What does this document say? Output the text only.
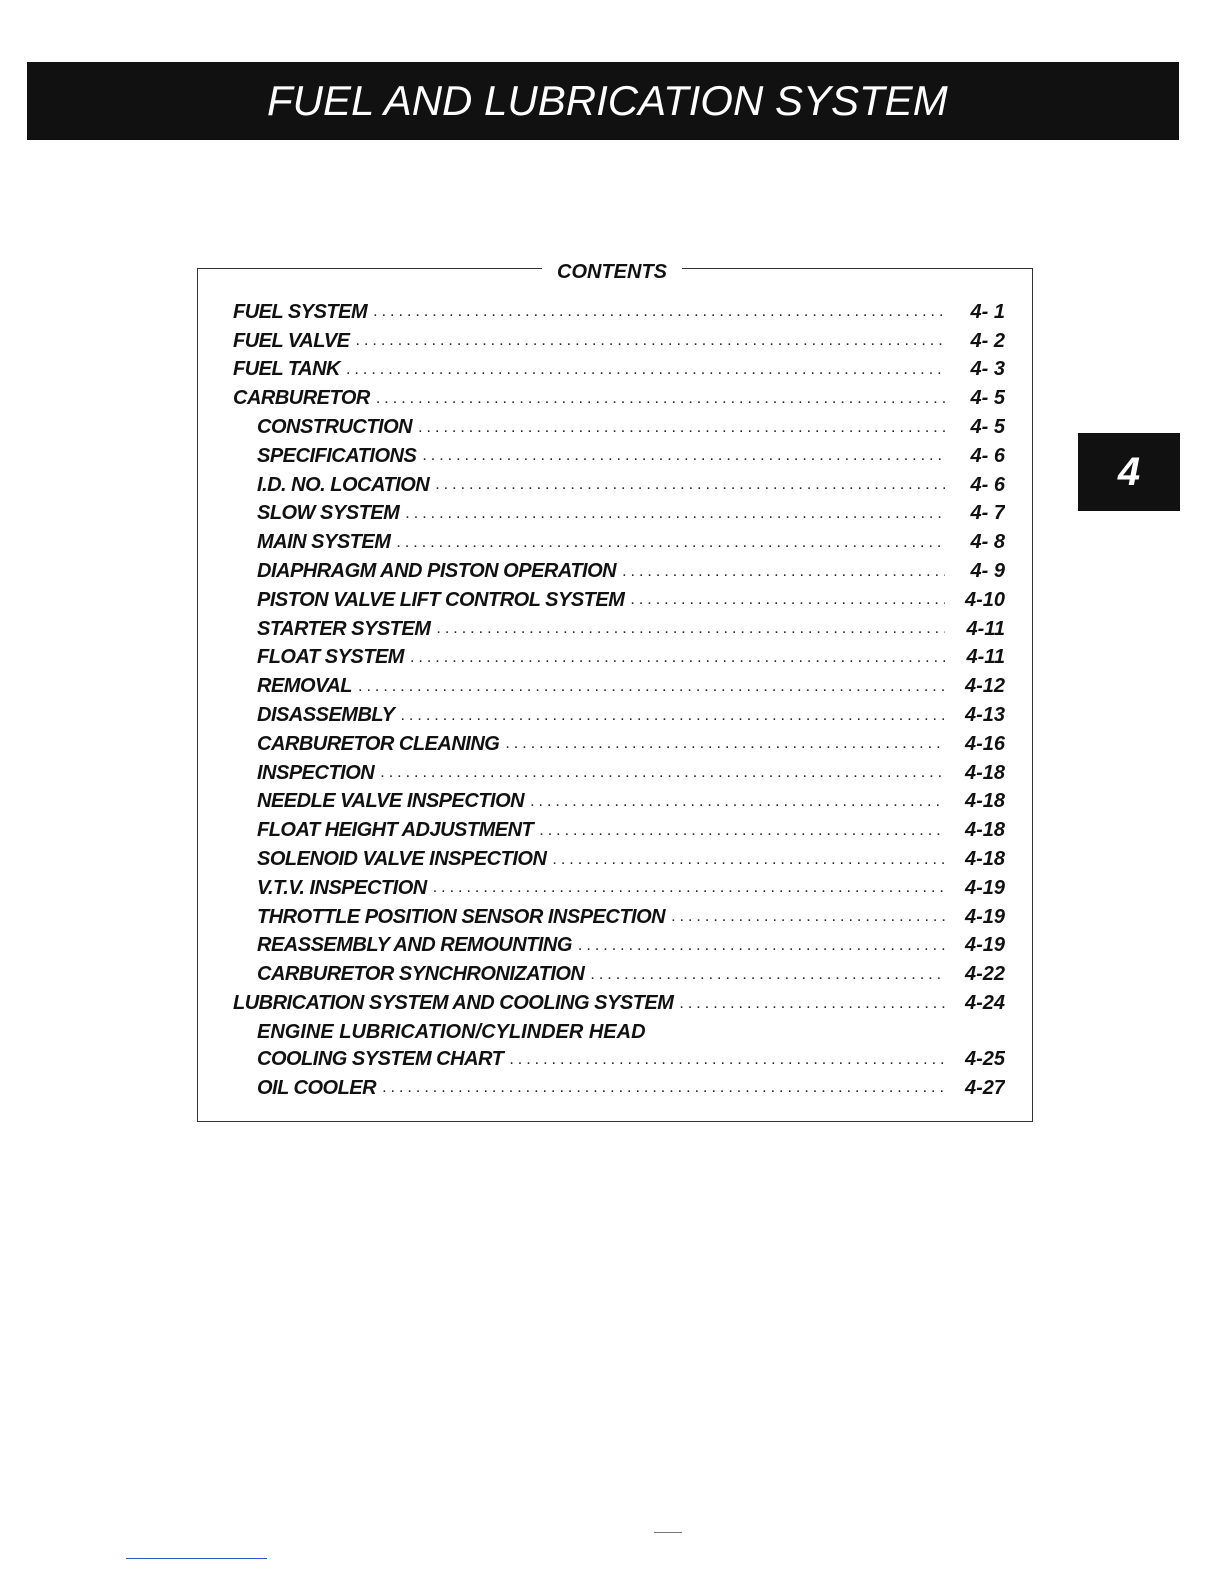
FUEL AND LUBRICATION SYSTEM
4
CONTENTS
FUEL SYSTEM .....	4- 1
FUEL VALVE .....	4- 2
FUEL TANK .....	4- 3
CARBURETOR .....	4- 5
CONSTRUCTION .....	4- 5
SPECIFICATIONS .....	4- 6
I.D. NO. LOCATION .....	4- 6
SLOW SYSTEM .....	4- 7
MAIN SYSTEM .....	4- 8
DIAPHRAGM AND PISTON OPERATION .....	4- 9
PISTON VALVE LIFT CONTROL SYSTEM .....	4-10
STARTER SYSTEM .....	4-11
FLOAT SYSTEM .....	4-11
REMOVAL .....	4-12
DISASSEMBLY .....	4-13
CARBURETOR CLEANING .....	4-16
INSPECTION .....	4-18
NEEDLE VALVE INSPECTION .....	4-18
FLOAT HEIGHT ADJUSTMENT .....	4-18
SOLENOID VALVE INSPECTION .....	4-18
V.T.V. INSPECTION .....	4-19
THROTTLE POSITION SENSOR INSPECTION .....	4-19
REASSEMBLY AND REMOUNTING .....	4-19
CARBURETOR SYNCHRONIZATION .....	4-22
LUBRICATION SYSTEM AND COOLING SYSTEM .....	4-24
ENGINE LUBRICATION/CYLINDER HEAD
COOLING SYSTEM CHART .....	4-25
OIL COOLER .....	4-27
